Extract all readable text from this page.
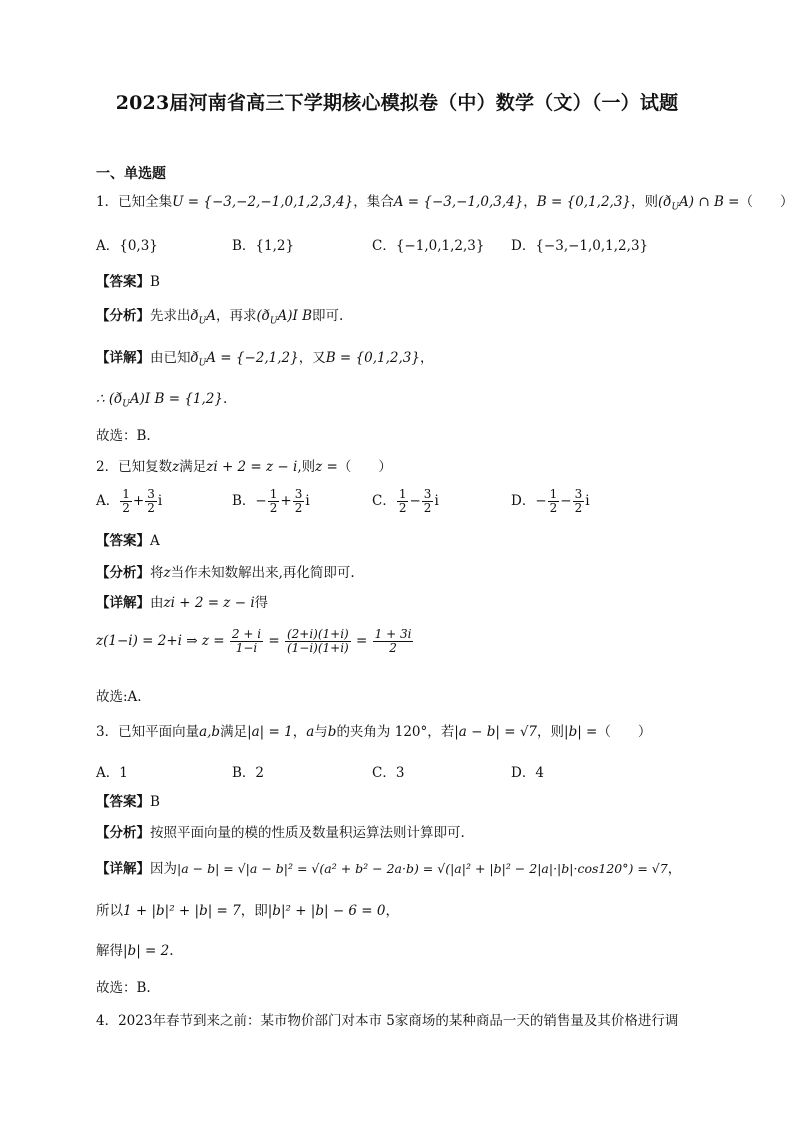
2023届河南省高三下学期核心模拟卷（中）数学（文）（一）试题
一、单选题
1．已知全集U = {−3,−2,−1,0,1,2,3,4}，集合A = {−3,−1,0,3,4}，B = {0,1,2,3}，则$(ð_UA)$ ∩ B =（　　）
A．{0,3}	B．{1,2}	C．{−1,0,1,2,3} D．{−3,−1,0,1,2,3}
【答案】B
【分析】先求出$ð_UA$，再求$(ð_UA)I$ B即可.
【详解】由已知$ð_UA = \{-2,1,2\}$，又B = {0,1,2,3}，
∴ $(ð_UA)I$ B = {1,2}.
故选：B.
2．已知复数z满足zi + 2 = z − i,则z =（　　）
A． $\frac{1}{2} + \frac{3}{2}$ i	B．− $\frac{1}{2} + \frac{3}{2}$ i	C． $\frac{1}{2} - \frac{3}{2}$ i	D．− $\frac{1}{2} - \frac{3}{2}$ i
【答案】A
【分析】将z当作未知数解出来,再化简即可.
【详解】由zi + 2 = z − i得
z(1−i) = 2+i ⇒ $z = \frac{2 + i}{1-i} = \frac{(2+i)(1+i)}{(1-i)(1+i)} = \frac{1 + 3i}{2}$
故选:A.
3．已知平面向量a,b满足|a| = 1，a与b的夹角为 120°，若|a − b| = √7，则|b| =（　　）
A．1	B．2	C．3	D．4
【答案】B
【分析】按照平面向量的模的性质及数量积运算法则计算即可.
【详解】因为|a − b| = √|a − b|² = √(a² + b² − 2a·b) = √(|a|² + |b|² − 2|a|·|b|·cos120°) = √7，
所以1 + |b|² + |b| = 7，即|b|² + |b| − 6 = 0，
解得|b| = 2.
故选：B.
4．2023年春节到来之前：某市物价部门对本市 5家商场的某种商品一天的销售量及其价格进行调
